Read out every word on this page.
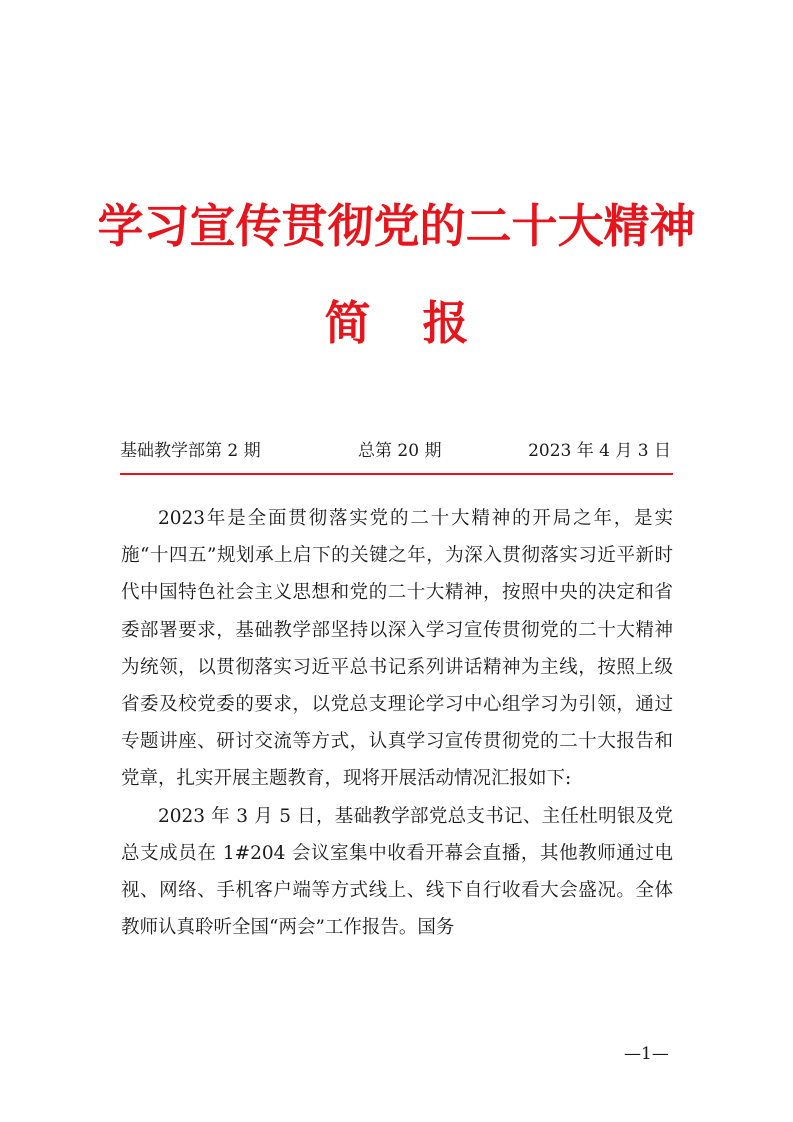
学习宣传贯彻党的二十大精神
简 报
基础教学部第 2 期	总第 20 期	2023 年 4 月 3 日

2023年是全面贯彻落实党的二十大精神的开局之年，是实施“十四五”规划承上启下的关键之年，为深入贯彻落实习近平新时代中国特色社会主义思想和党的二十大精神，按照中央的决定和省委部署要求，基础教学部坚持以深入学习宣传贯彻党的二十大精神为统领，以贯彻落实习近平总书记系列讲话精神为主线，按照上级省委及校党委的要求，以党总支理论学习中心组学习为引领，通过专题讲座、研讨交流等方式，认真学习宣传贯彻党的二十大报告和党章，扎实开展主题教育，现将开展活动情况汇报如下:

2023 年 3 月 5 日，基础教学部党总支书记、主任杜明银及党总支成员在 1#204 会议室集中收看开幕会直播，其他教师通过电视、网络、手机客户端等方式线上、线下自行收看大会盛况。全体教师认真聆听全国“两会”工作报告。国务

—1—
